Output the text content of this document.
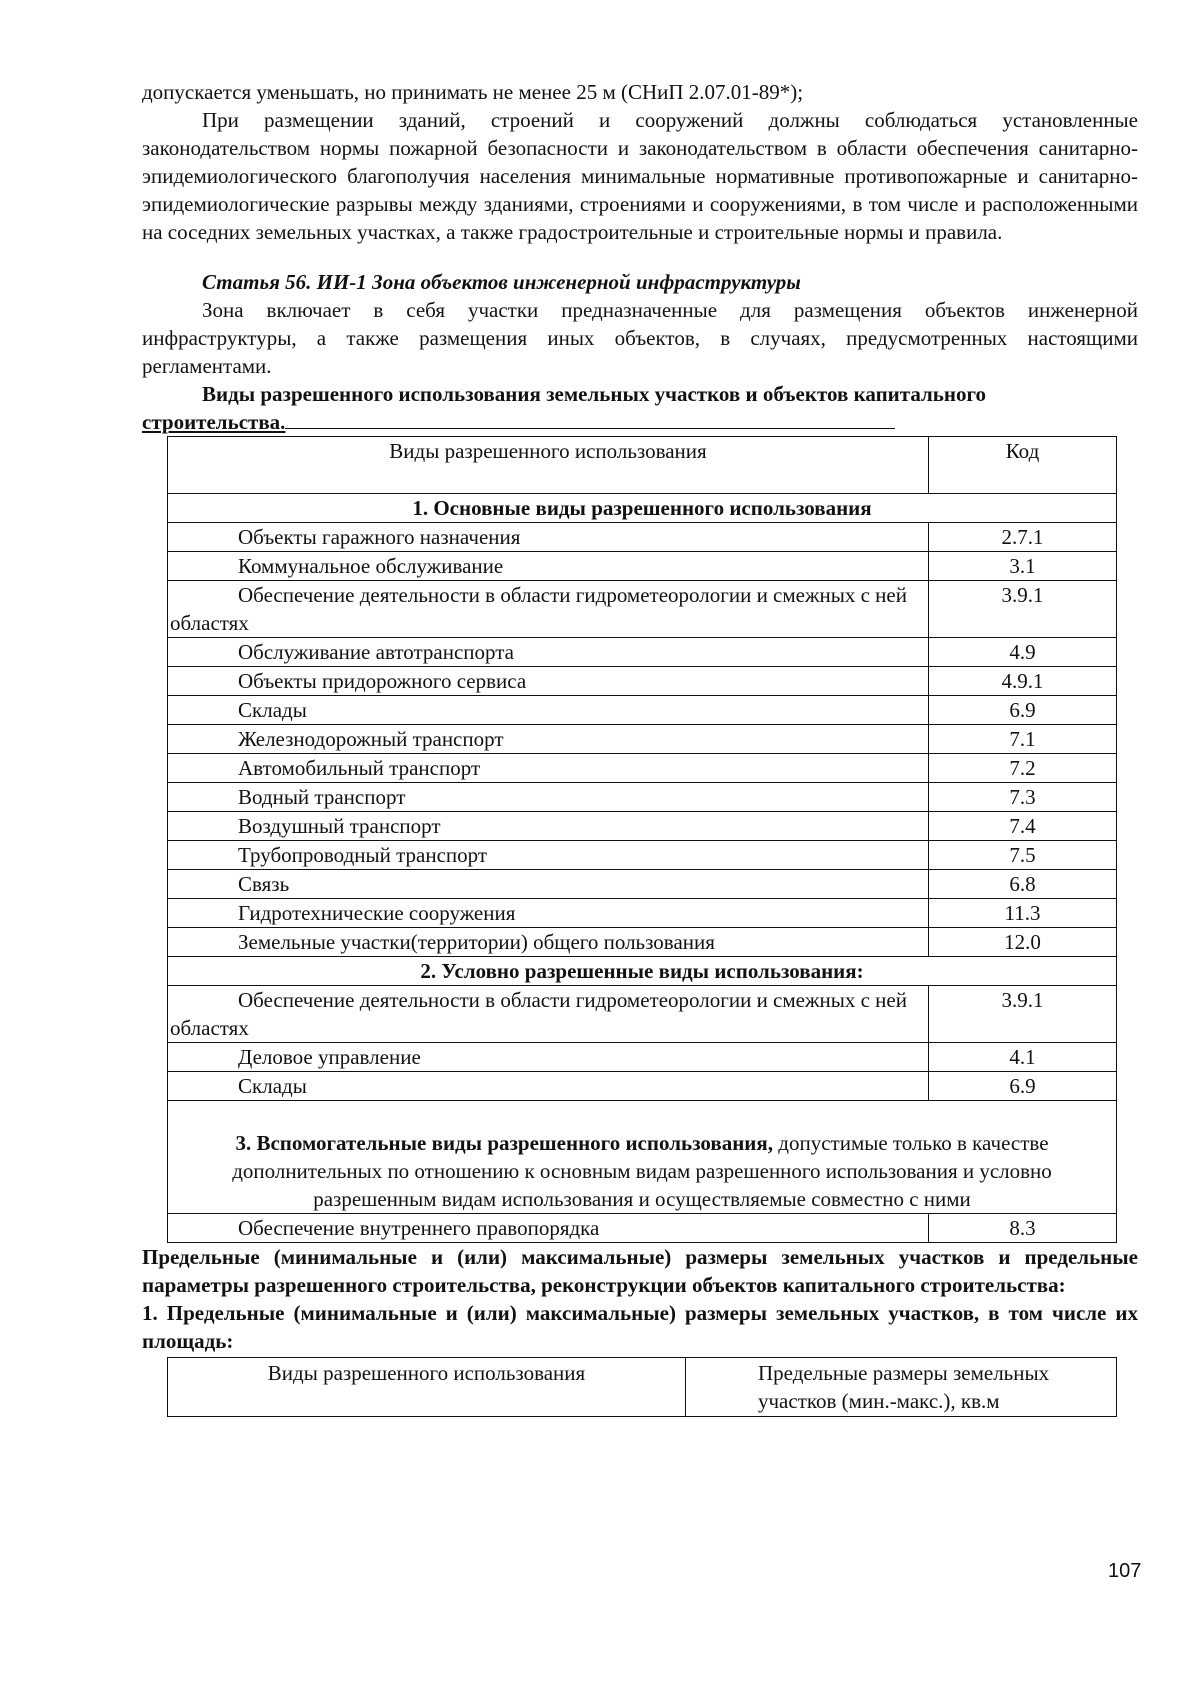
допускается уменьшать, но принимать не менее 25 м (СНиП 2.07.01-89*);

При размещении зданий, строений и сооружений должны соблюдаться установленные законодательством нормы пожарной безопасности и законодательством в области обеспечения санитарно-эпидемиологического благополучия населения минимальные нормативные противопожарные и санитарно-эпидемиологические разрывы между зданиями, строениями и сооружениями, в том числе и расположенными на соседних земельных участках, а также градостроительные и строительные нормы и правила.

Статья 56. ИИ-1 Зона объектов инженерной инфраструктуры

Зона включает в себя участки предназначенные для размещения объектов инженерной инфраструктуры, а также размещения иных объектов, в случаях, предусмотренных настоящими регламентами.

Виды разрешенного использования земельных участков и объектов капитального

строительства.

Виды разрешенного использования	Код
1. Основные виды разрешенного использования	
Объекты гаражного назначения	2.7.1
Коммунальное обслуживание	3.1
Обеспечение деятельности в области гидрометеорологии и смежных с ней областях	3.9.1
Обслуживание автотранспорта	4.9
Объекты придорожного сервиса	4.9.1
Склады	6.9
Железнодорожный транспорт	7.1
Автомобильный транспорт	7.2
Водный транспорт	7.3
Воздушный транспорт	7.4
Трубопроводный транспорт	7.5
Связь	6.8
Гидротехнические сооружения	11.3
Земельные участки(территории) общего пользования	12.0
2. Условно разрешенные виды использования:	
Обеспечение деятельности в области гидрометеорологии и смежных с ней областях	3.9.1
Деловое управление	4.1
Склады	6.9
3. Вспомогательные виды разрешенного использования, допустимые только в качестве дополнительных по отношению к основным видам разрешенного использования и условно разрешенным видам использования и осуществляемые совместно с ними	
Обеспечение внутреннего правопорядка	8.3

Предельные (минимальные и (или) максимальные) размеры земельных участков и предельные параметры разрешенного строительства, реконструкции объектов капитального строительства:

1. Предельные (минимальные и (или) максимальные) размеры земельных участков, в том числе их площадь:

Виды разрешенного использования	Предельные размеры земельных участков (мин.-макс.), кв.м
107
